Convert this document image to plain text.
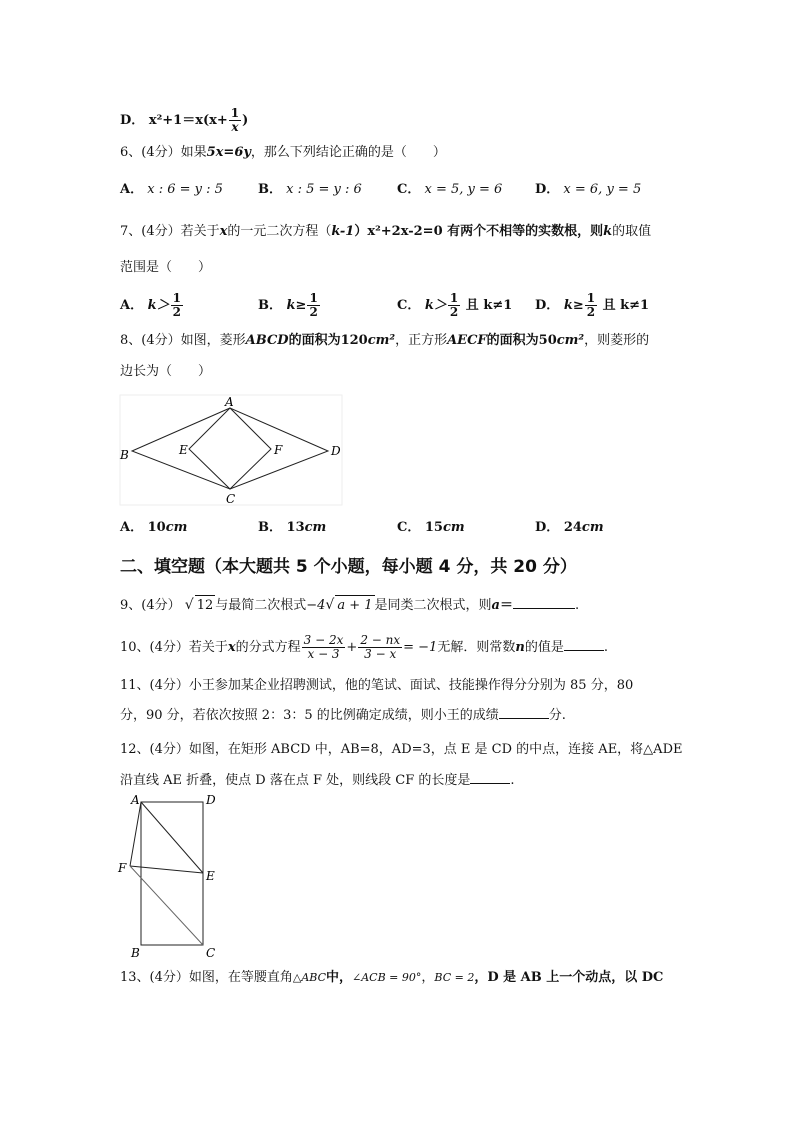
D． $x^2+1=x(x+ \frac{1}{x}$ )
6、(4分）如果5x=6y，那么下列结论正确的是（　　）
A． x : 6 = y : 5	B． x : 5 = y : 6	C． x = 5, y = 6	D． x = 6, y = 5
7、(4分）若关于x的一元二次方程（k-1）x²+2x-2=0 有两个不相等的实数根，则k的取值
范围是（　　）
A． $k> \frac{1}{2}$	B． $k\ge \frac{1}{2}$	C． $k> \frac{1}{2}$ 且 k≠1 D． $k\ge \frac{1}{2}$ 且 k≠1
8、(4分）如图，菱形ABCD的面积为120cm²，正方形AECF的面积为50cm²，则菱形的
边长为（　　）
A
B
C
D
E	F
A． 10cm	B． 13cm	C． 15cm	D． 24cm
二、填空题（本大题共 5 个小题，每小题 4 分，共 20 分）
9、(4分） √ 12 与最简二次根式−4√ a + 1 是同类二次根式，则a＝	.
10、(4分）若关于x的分式方程 $\frac{3 - 2x}{x - 3} + \frac{2 - nx}{3 - x} = -1$无解．则常数n的值是	.
11、(4分）小王参加某企业招聘测试，他的笔试、面试、技能操作得分分别为 85 分，80
分，90 分，若依次按照 2：3：5 的比例确定成绩，则小王的成绩	分.
12、(4分）如图，在矩形 ABCD 中，AB=8，AD=3，点 E 是 CD 的中点，连接 AE，将△ADE
沿直线 AE 折叠，使点 D 落在点 F 处，则线段 CF 的长度是	.
A	D
F
E
B	C
13、(4分）如图，在等腰直角△ABC中，∠ACB = 90°，BC = 2，D 是 AB 上一个动点，以 DC
